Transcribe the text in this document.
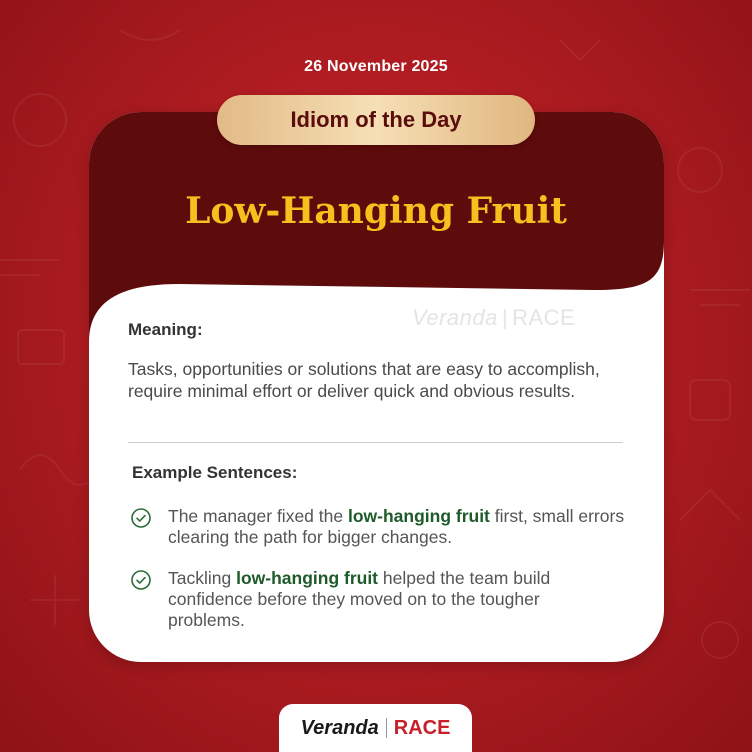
26 November 2025
Idiom of the Day
Low-Hanging Fruit
Veranda | RACE
Meaning:
Tasks, opportunities or solutions that are easy to accomplish, require minimal effort or deliver quick and obvious results.
Example Sentences:
The manager fixed the low-hanging fruit first, small errors clearing the path for bigger changes.
Tackling low-hanging fruit helped the team build confidence before they moved on to the tougher problems.
Veranda RACE
